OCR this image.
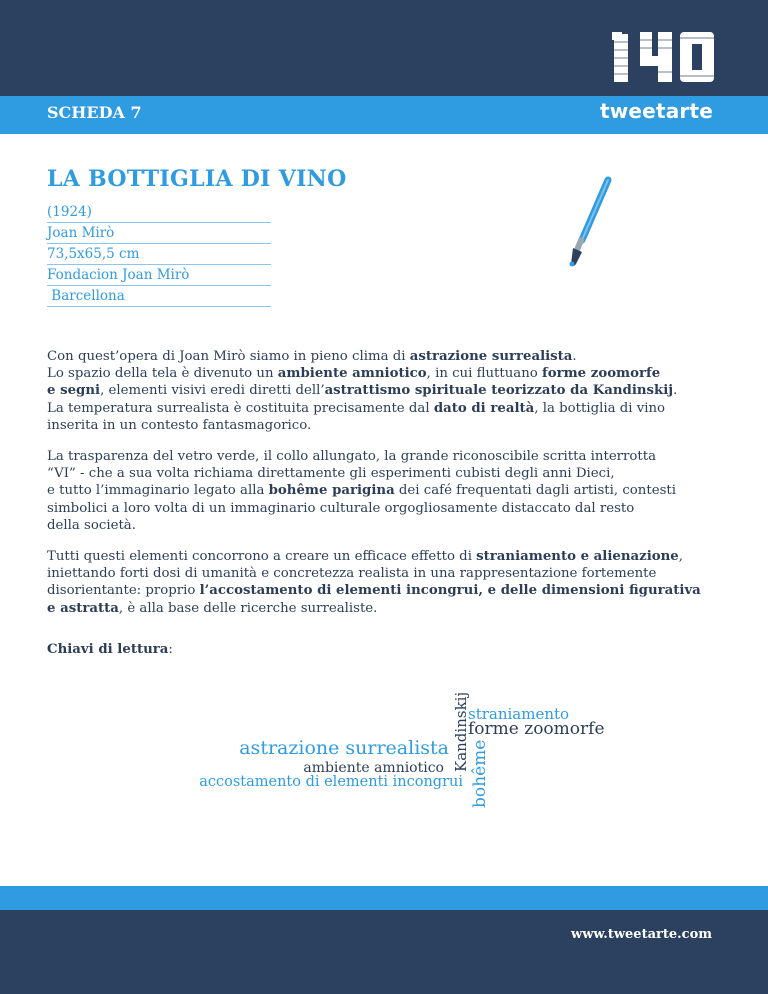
SCHEDA 7	tweetarte
LA BOTTIGLIA DI VINO
(1924)
Joan Mirò
73,5x65,5 cm
Fondacion Joan Mirò
Barcellona

Con quest’opera di Joan Mirò siamo in pieno clima di astrazione surrealista.
Lo spazio della tela è divenuto un ambiente amniotico, in cui fluttuano forme zoomorfe
e segni, elementi visivi eredi diretti dell’astrattismo spirituale teorizzato da Kandinskij.
La temperatura surrealista è costituita precisamente dal dato di realtà, la bottiglia di vino
inserita in un contesto fantasmagorico.

La trasparenza del vetro verde, il collo allungato, la grande riconoscibile scritta interrotta
“VI” - che a sua volta richiama direttamente gli esperimenti cubisti degli anni Dieci,
e tutto l’immaginario legato alla bohême parigina dei café frequentati dagli artisti, contesti
simbolici a loro volta di un immaginario culturale orgogliosamente distaccato dal resto
della società.

Tutti questi elementi concorrono a creare un efficace effetto di straniamento e alienazione,
iniettando forti dosi di umanità e concretezza realista in una rappresentazione fortemente
disorientante: proprio l’accostamento di elementi incongrui, e delle dimensioni figurativa
e astratta, è alla base delle ricerche surrealiste.

Chiavi di lettura:
straniamento
forme zoomorfe
astrazione surrealista
ambiente amniotico
accostamento di elementi incongrui
Kandinskij
bohême
www.tweetarte.com
